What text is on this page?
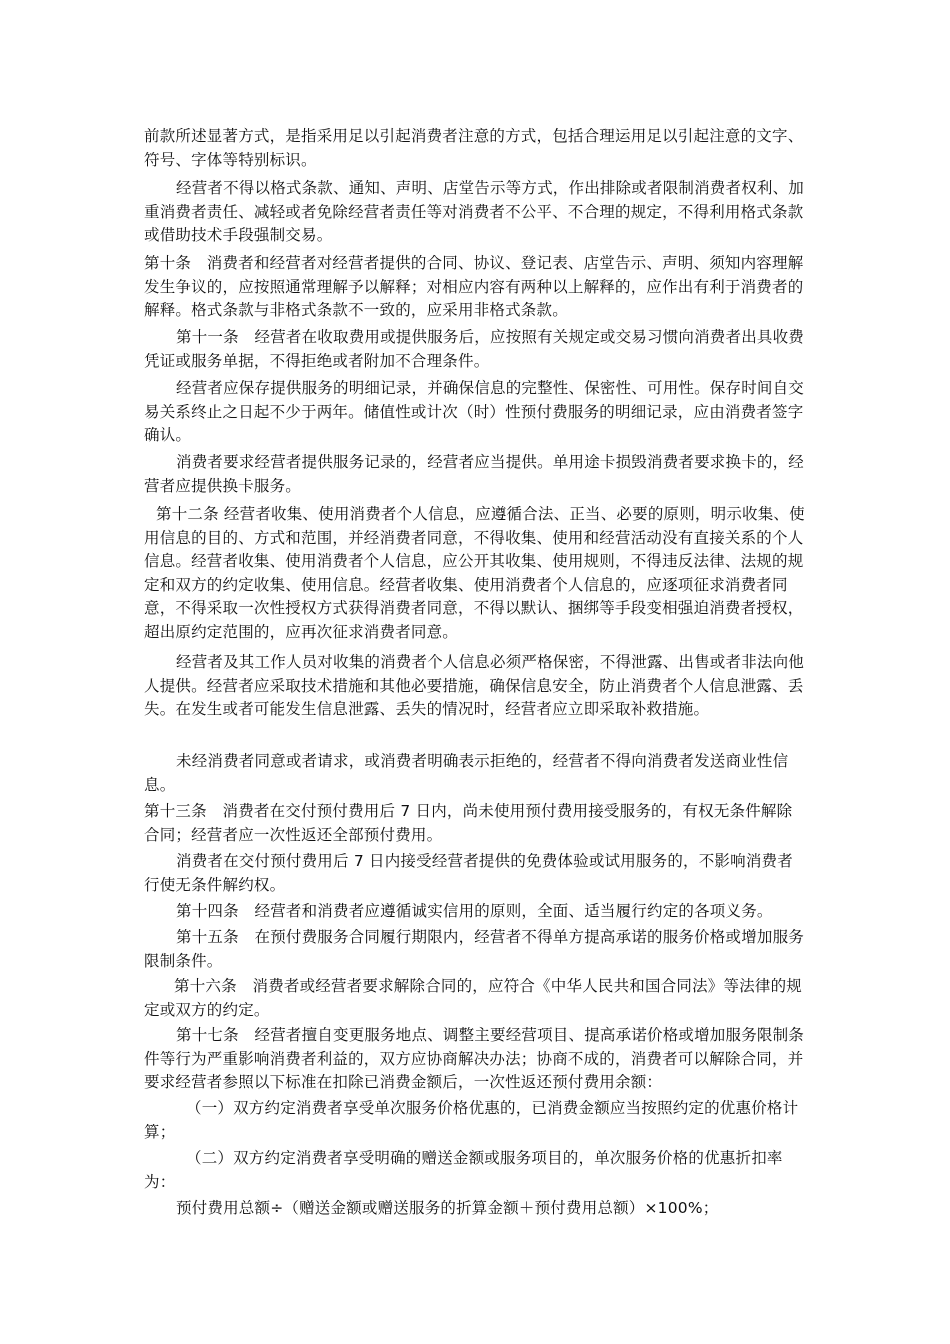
前款所述显著方式，是指采用足以引起消费者注意的方式，包括合理运用足以引起注意的文字、符号、字体等特别标识。

经营者不得以格式条款、通知、声明、店堂告示等方式，作出排除或者限制消费者权利、加重消费者责任、减轻或者免除经营者责任等对消费者不公平、不合理的规定，不得利用格式条款或借助技术手段强制交易。

第十条　消费者和经营者对经营者提供的合同、协议、登记表、店堂告示、声明、须知内容理解发生争议的，应按照通常理解予以解释；对相应内容有两种以上解释的，应作出有利于消费者的解释。格式条款与非格式条款不一致的，应采用非格式条款。

第十一条　经营者在收取费用或提供服务后，应按照有关规定或交易习惯向消费者出具收费凭证或服务单据，不得拒绝或者附加不合理条件。

经营者应保存提供服务的明细记录，并确保信息的完整性、保密性、可用性。保存时间自交易关系终止之日起不少于两年。储值性或计次（时）性预付费服务的明细记录，应由消费者签字确认。

消费者要求经营者提供服务记录的，经营者应当提供。单用途卡损毁消费者要求换卡的，经营者应提供换卡服务。

第十二条 经营者收集、使用消费者个人信息，应遵循合法、正当、必要的原则，明示收集、使用信息的目的、方式和范围，并经消费者同意，不得收集、使用和经营活动没有直接关系的个人信息。经营者收集、使用消费者个人信息，应公开其收集、使用规则，不得违反法律、法规的规定和双方的约定收集、使用信息。经营者收集、使用消费者个人信息的，应逐项征求消费者同意，不得采取一次性授权方式获得消费者同意，不得以默认、捆绑等手段变相强迫消费者授权，超出原约定范围的，应再次征求消费者同意。

经营者及其工作人员对收集的消费者个人信息必须严格保密，不得泄露、出售或者非法向他人提供。经营者应采取技术措施和其他必要措施，确保信息安全，防止消费者个人信息泄露、丢失。在发生或者可能发生信息泄露、丢失的情况时，经营者应立即采取补救措施。

未经消费者同意或者请求，或消费者明确表示拒绝的，经营者不得向消费者发送商业性信息。

第十三条　消费者在交付预付费用后 7 日内，尚未使用预付费用接受服务的，有权无条件解除合同；经营者应一次性返还全部预付费用。

消费者在交付预付费用后 7 日内接受经营者提供的免费体验或试用服务的，不影响消费者行使无条件解约权。

第十四条　经营者和消费者应遵循诚实信用的原则，全面、适当履行约定的各项义务。

第十五条　在预付费服务合同履行期限内，经营者不得单方提高承诺的服务价格或增加服务限制条件。

第十六条　消费者或经营者要求解除合同的，应符合《中华人民共和国合同法》等法律的规定或双方的约定。

第十七条　经营者擅自变更服务地点、调整主要经营项目、提高承诺价格或增加服务限制条件等行为严重影响消费者利益的，双方应协商解决办法；协商不成的，消费者可以解除合同，并要求经营者参照以下标准在扣除已消费金额后，一次性返还预付费用余额：

（一）双方约定消费者享受单次服务价格优惠的，已消费金额应当按照约定的优惠价格计算；

（二）双方约定消费者享受明确的赠送金额或服务项目的，单次服务价格的优惠折扣率为：

预付费用总额÷（赠送金额或赠送服务的折算金额＋预付费用总额）×100%；
